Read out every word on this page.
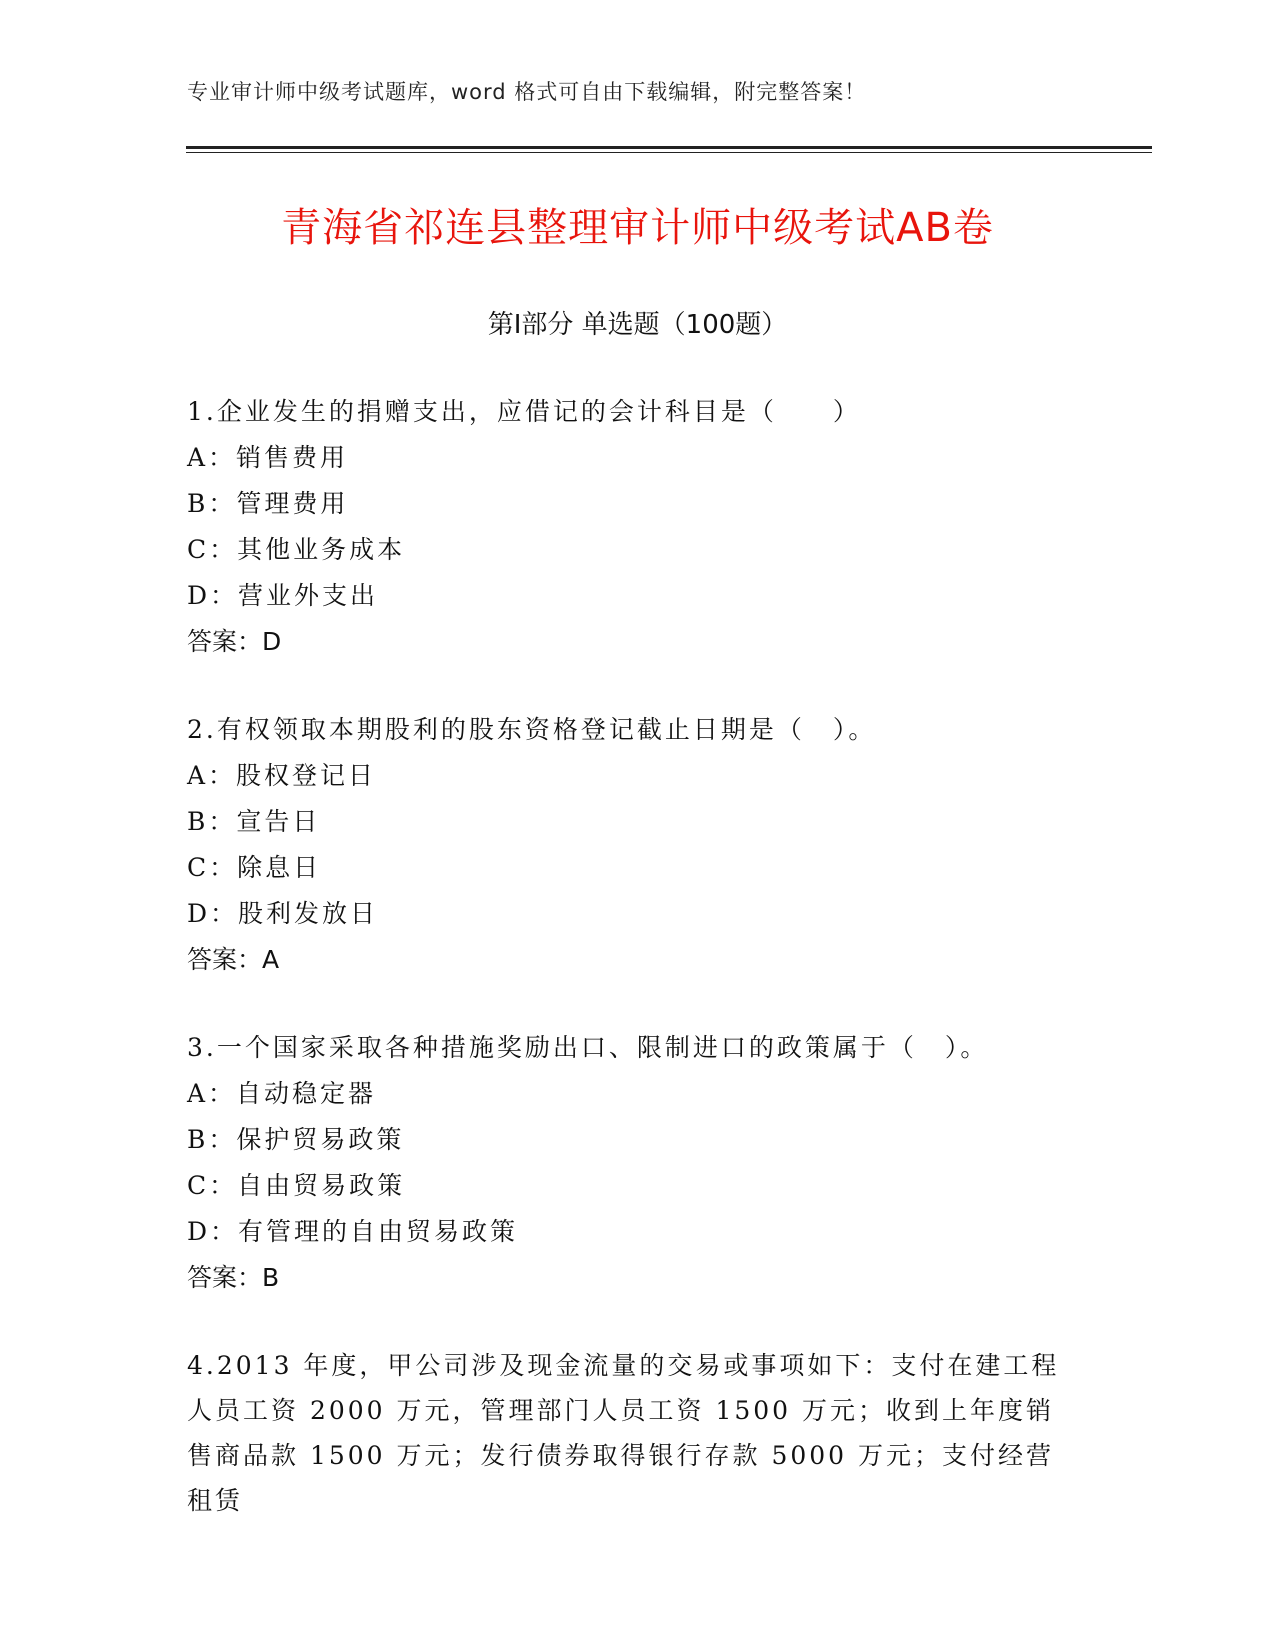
专业审计师中级考试题库，word 格式可自由下载编辑，附完整答案！
青海省祁连县整理审计师中级考试AB卷
第I部分 单选题（100题）
1.企业发生的捐赠支出，应借记的会计科目是（　　）
A：销售费用
B：管理费用
C：其他业务成本
D：营业外支出
答案：D
2.有权领取本期股利的股东资格登记截止日期是（　）。
A：股权登记日
B：宣告日
C：除息日
D：股利发放日
答案：A
3.一个国家采取各种措施奖励出口、限制进口的政策属于（　）。
A：自动稳定器
B：保护贸易政策
C：自由贸易政策
D：有管理的自由贸易政策
答案：B
4.2013 年度，甲公司涉及现金流量的交易或事项如下：支付在建工程人员工资 2000 万元，管理部门人员工资 1500 万元；收到上年度销售商品款 1500 万元；发行债券取得银行存款 5000 万元；支付经营租赁
